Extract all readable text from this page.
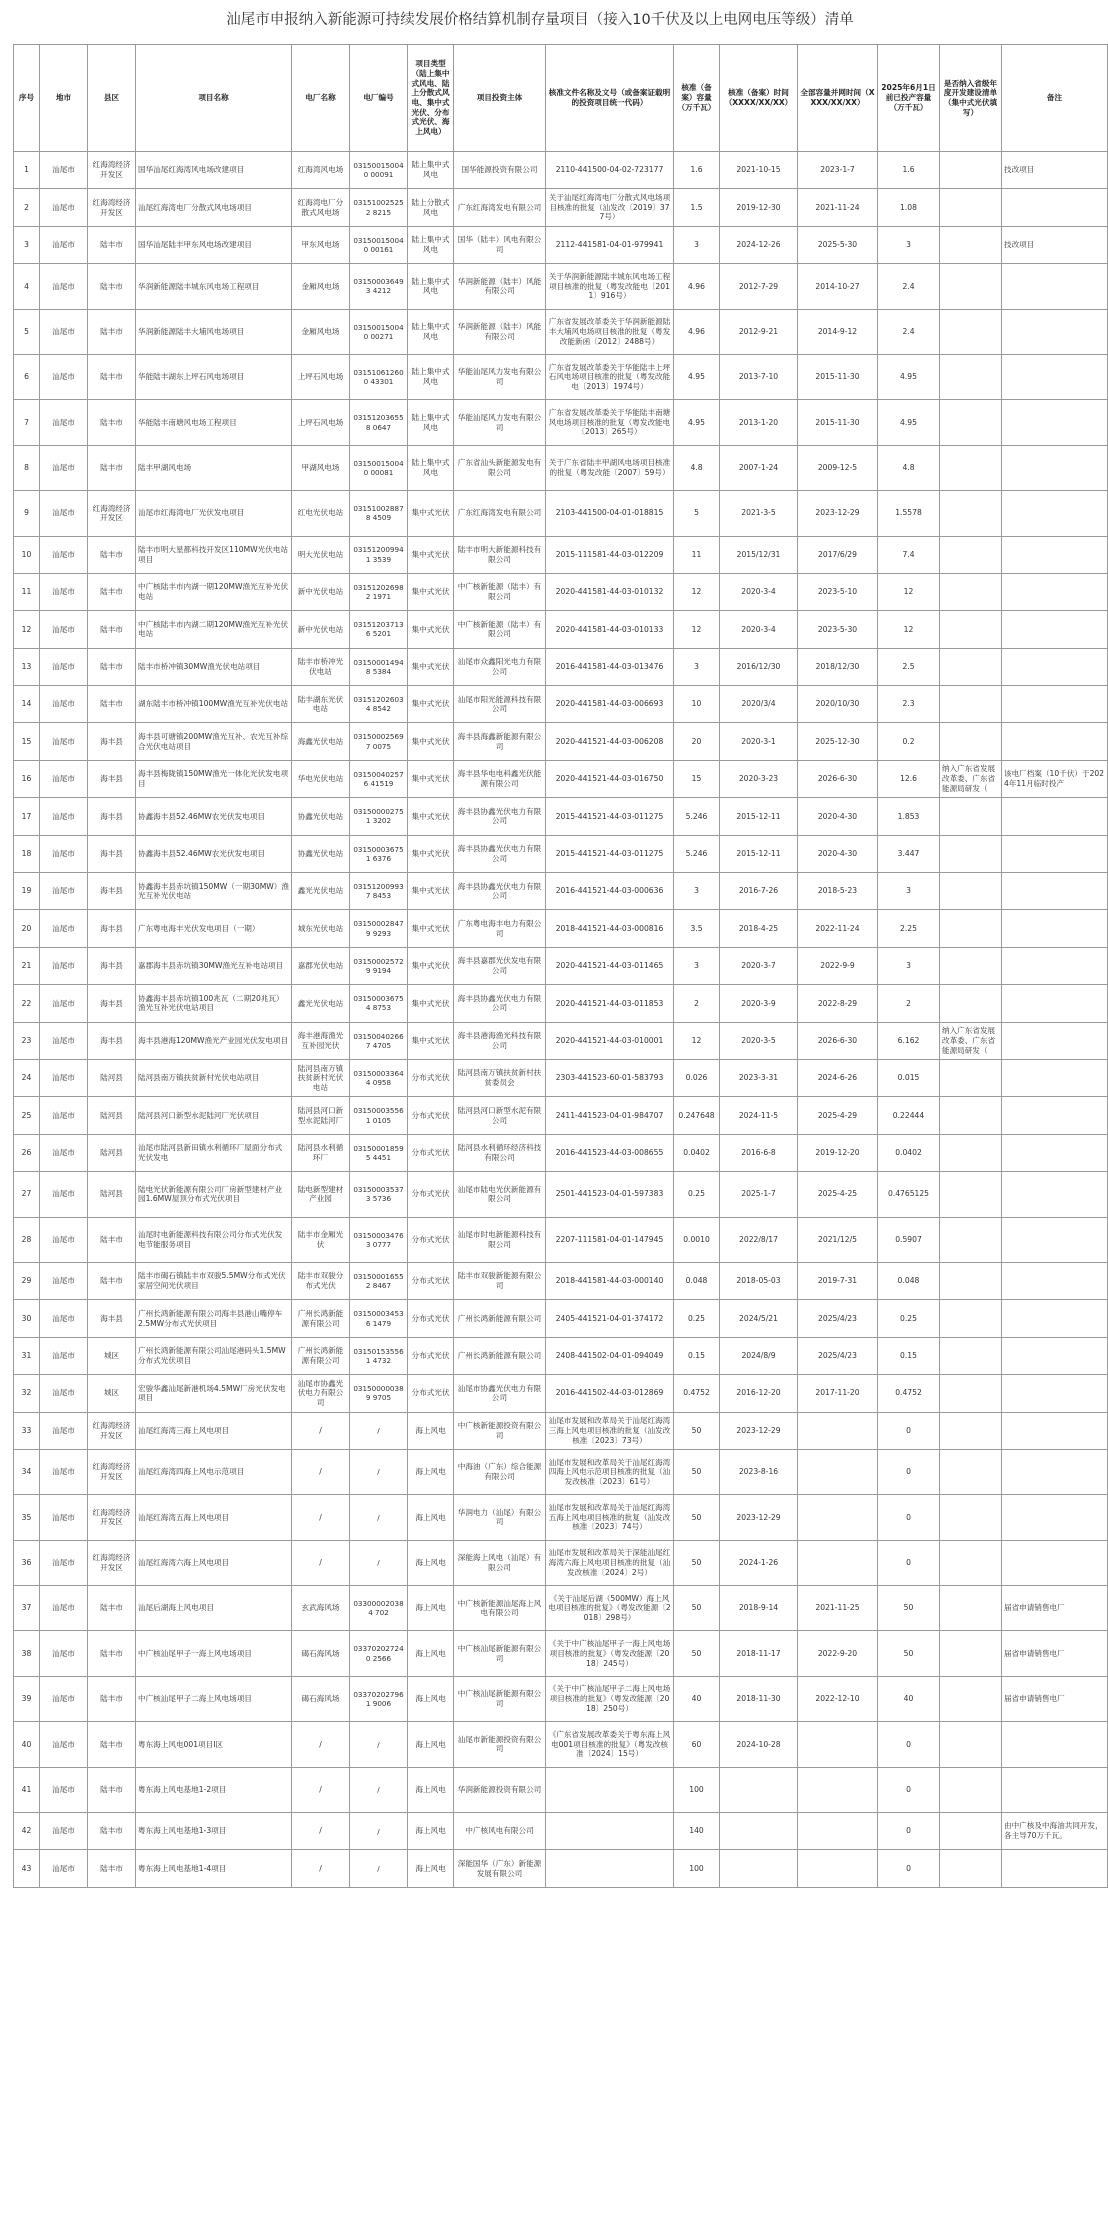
汕尾市申报纳入新能源可持续发展价格结算机制存量项目（接入10千伏及以上电网电压等级）清单
序号	地市	县区	项目名称	电厂名称	电厂编号	项目类型（陆上集中式风电、陆上分散式风电、集中式光伏、分布式光伏、海上风电）	项目投资主体	核准文件名称及文号（或备案证载明的投资项目统一代码）	核准（备案）容量（万千瓦）	核准（备案）时间（XXXX/XX/XX）	全部容量并网时间（XXXX/XX/XX）	2025年6月1日前已投产容量（万千瓦）	是否纳入省级年度开发建设清单（集中式光伏填写）	备注
1	汕尾市	红海湾经济开发区	国华汕尾红海湾风电场改建项目	红海湾风电场	031500150040 00091	陆上集中式风电	国华能源投资有限公司	2110-441500-04-02-723177	1.6	2021-10-15	2023-1-7	1.6		技改项目
2	汕尾市	红海湾经济开发区	汕尾红海湾电厂分散式风电场项目	红海湾电厂分散式风电场	031510025252 8215	陆上分散式风电	广东红海湾发电有限公司	关于汕尾红海湾电厂分散式风电场项目核准的批复（汕发改〔2019〕377号）	1.5	2019-12-30	2021-11-24	1.08		
3	汕尾市	陆丰市	国华汕尾陆丰甲东风电场改建项目	甲东风电场	031500150040 00161	陆上集中式风电	国华（陆丰）风电有限公司	2112-441581-04-01-979941	3	2024-12-26	2025-5-30	3		技改项目
4	汕尾市	陆丰市	华润新能源陆丰城东风电场工程项目	金厢风电场	031500036493 4212	陆上集中式风电	华润新能源（陆丰）风能有限公司	关于华润新能源陆丰城东风电场工程项目核准的批复（粤发改能电〔2011〕916号）	4.96	2012-7-29	2014-10-27	2.4		
5	汕尾市	陆丰市	华润新能源陆丰大埔风电场项目	金厢风电场	031500150040 00271	陆上集中式风电	华润新能源（陆丰）风能有限公司	广东省发展改革委关于华润新能源陆丰大埔风电场项目核准的批复（粤发改能新函〔2012〕2488号）	4.96	2012-9-21	2014-9-12	2.4		
6	汕尾市	陆丰市	华能陆丰湖东上坪石风电场项目	上坪石风电场	031510612600 43301	陆上集中式风电	华能汕尾风力发电有限公司	广东省发展改革委关于华能陆丰上坪石风电场项目核准的批复（粤发改能电〔2013〕1974号）	4.95	2013-7-10	2015-11-30	4.95		
7	汕尾市	陆丰市	华能陆丰南塘风电场工程项目	上坪石风电场	031512036558 0647	陆上集中式风电	华能汕尾风力发电有限公司	广东省发展改革委关于华能陆丰南塘风电场项目核准的批复（粤发改能电〔2013〕265号）	4.95	2013-1-20	2015-11-30	4.95		
8	汕尾市	陆丰市	陆丰甲湖风电场	甲湖风电场	031500150040 00081	陆上集中式风电	广东省汕头新能源发电有限公司	关于广东省陆丰甲湖风电场项目核准的批复（粤发改能〔2007〕59号）	4.8	2007-1-24	2009-12-5	4.8		
9	汕尾市	红海湾经济开发区	汕尾市红海湾电厂光伏发电项目	红电光伏电站	031510028878 4509	集中式光伏	广东红海湾发电有限公司	2103-441500-04-01-018815	5	2021-3-5	2023-12-29	1.5578		
10	汕尾市	陆丰市	陆丰市明大星都科技开发区110MW光伏电站项目	明大光伏电站	031512009941 3539	集中式光伏	陆丰市明大新能源科技有限公司	2015-111581-44-03-012209	11	2015/12/31	2017/6/29	7.4		
11	汕尾市	陆丰市	中广核陆丰市内湖一期120MW渔光互补光伏电站	新中光伏电站	031512026982 1971	集中式光伏	中广核新能源（陆丰）有限公司	2020-441581-44-03-010132	12	2020-3-4	2023-5-10	12		
12	汕尾市	陆丰市	中广核陆丰市内湖二期120MW渔光互补光伏电站	新中光伏电站	031512037136 5201	集中式光伏	中广核新能源（陆丰）有限公司	2020-441581-44-03-010133	12	2020-3-4	2023-5-30	12		
13	汕尾市	陆丰市	陆丰市桥冲镇30MW渔光伏电站项目	陆丰市桥冲光伏电站	031500014948 5384	集中式光伏	汕尾市众鑫阳光电力有限公司	2016-441581-44-03-013476	3	2016/12/30	2018/12/30	2.5		
14	汕尾市	陆丰市	湖东陆丰市桥冲镇100MW渔光互补光伏电站	陆丰湖东光伏电站	031512026034 8542	集中式光伏	汕尾市阳光能源科技有限公司	2020-441581-44-03-006693	10	2020/3/4	2020/10/30	2.3		
15	汕尾市	海丰县	海丰县可塘镇200MW渔光互补、农光互补综合光伏电站项目	海鑫光伏电站	031500025697 0075	集中式光伏	海丰县海鑫新能源有限公司	2020-441521-44-03-006208	20	2020-3-1	2025-12-30	0.2		
16	汕尾市	海丰县	海丰县梅陇镇150MW渔光一体化光伏发电项目	华电光伏电站	031500402576 41519	集中式光伏	海丰县华电电科鑫光伏能源有限公司	2020-441521-44-03-016750	15	2020-3-23	2026-6-30	12.6	纳入广东省发展改革委、广东省能源局研发（	该电厂档案（10千伏）于2024年11月临时投产
17	汕尾市	海丰县	协鑫海丰县52.46MW农光伏发电项目	协鑫光伏电站	031500002751 3202	集中式光伏	海丰县协鑫光伏电力有限公司	2015-441521-44-03-011275	5.246	2015-12-11	2020-4-30	1.853		
18	汕尾市	海丰县	协鑫海丰县52.46MW农光伏发电项目	协鑫光伏电站	031500036751 6376	集中式光伏	海丰县协鑫光伏电力有限公司	2015-441521-44-03-011275	5.246	2015-12-11	2020-4-30	3.447		
19	汕尾市	海丰县	协鑫海丰县赤坑镇150MW（一期30MW）渔光互补光伏电站	鑫光光伏电站	031512009937 8453	集中式光伏	海丰县协鑫光伏电力有限公司	2016-441521-44-03-000636	3	2016-7-26	2018-5-23	3		
20	汕尾市	海丰县	广东粤电海丰光伏发电项目（一期）	城东光伏电站	031500028479 9293	集中式光伏	广东粤电海丰电力有限公司	2018-441521-44-03-000816	3.5	2018-4-25	2022-11-24	2.25		
21	汕尾市	海丰县	嘉郡海丰县赤坑镇30MW渔光互补电站项目	嘉郡光伏电站	031500025729 9194	集中式光伏	海丰县嘉郡光伏发电有限公司	2020-441521-44-03-011465	3	2020-3-7	2022-9-9	3		
22	汕尾市	海丰县	协鑫海丰县赤坑镇100兆瓦（二期20兆瓦）渔光互补光伏电站项目	鑫光光伏电站	031500036754 8753	集中式光伏	海丰县协鑫光伏电力有限公司	2020-441521-44-03-011853	2	2020-3-9	2022-8-29	2		
23	汕尾市	海丰县	海丰县港海120MW渔光产业园光伏发电项目	海丰港海渔光互补园光伏	031500402667 4705	集中式光伏	海丰县港海渔光科技有限公司	2020-441521-44-03-010001	12	2020-3-5	2026-6-30	6.162	纳入广东省发展改革委、广东省能源局研发（	
24	汕尾市	陆河县	陆河县南万镇扶贫新村光伏电站项目	陆河县南万镇扶贫新村光伏电站	031500033644 0958	分布式光伏	陆河县南万镇扶贫新村扶贫委员会	2303-441523-60-01-583793	0.026	2023-3-31	2024-6-26	0.015		
25	汕尾市	陆河县	陆河县河口新型水泥陆河厂光伏项目	陆河县河口新型水泥陆河厂	031500035561 0105	分布式光伏	陆河县河口新型水泥有限公司	2411-441523-04-01-984707	0.247648	2024-11-5	2025-4-29	0.22444		
26	汕尾市	陆河县	汕尾市陆河县新田镇水利循环厂屋面分布式光伏发电	陆河县水利循环厂	031500018595 4451	分布式光伏	陆河县水利循环经济科技有限公司	2016-441523-44-03-008655	0.0402	2016-6-8	2019-12-20	0.0402		
27	汕尾市	陆河县	陆电光伏新能源有限公司厂房新型建材产业园1.6MW屋顶分布式光伏项目	陆电新型建材产业园	031500035373 5736	分布式光伏	汕尾市陆电光伏新能源有限公司	2501-441523-04-01-597383	0.25	2025-1-7	2025-4-25	0.4765125		
28	汕尾市	陆丰市	汕尾时电新能源科技有限公司分布式光伏发电节能服务项目	陆丰市金厢光伏	031500034763 0777	分布式光伏	汕尾市时电新能源科技有限公司	2207-111581-04-01-147945	0.0010	2022/8/17	2021/12/5	0.5907		
29	汕尾市	陆丰市	陆丰市碣石镇陆丰市双骏5.5MW分布式光伏家居空间光伏项目	陆丰市双骏分布式光伏	031500016552 8467	分布式光伏	陆丰市双骏新能源有限公司	2018-441581-44-03-000140	0.048	2018-05-03	2019-7-31	0.048		
30	汕尾市	海丰县	广州长鸿新能源有限公司海丰县港山嘴停车2.5MW分布式光伏项目	广州长鸿新能源有限公司	031500034536 1479	分布式光伏	广州长鸿新能源有限公司	2405-441521-04-01-374172	0.25	2024/5/21	2025/4/23	0.25		
31	汕尾市	城区	广州长鸿新能源有限公司汕尾港码头1.5MW分布式光伏项目	广州长鸿新能源有限公司	031501535561 4732	分布式光伏	广州长鸿新能源有限公司	2408-441502-04-01-094049	0.15	2024/8/9	2025/4/23	0.15		
32	汕尾市	城区	宏骏华鑫汕尾新港机场4.5MW厂房光伏发电项目	汕尾市协鑫光伏电力有限公司	031500000389 9705	分布式光伏	汕尾市协鑫光伏电力有限公司	2016-441502-44-03-012869	0.4752	2016-12-20	2017-11-20	0.4752		
33	汕尾市	红海湾经济开发区	汕尾红海湾三海上风电项目	/	/	海上风电	中广核新能源投资有限公司	汕尾市发展和改革局关于汕尾红海湾三海上风电项目核准的批复（汕发改核准〔2023〕73号）	50	2023-12-29		0		
34	汕尾市	红海湾经济开发区	汕尾红海湾四海上风电示范项目	/	/	海上风电	中海油（广东）综合能源有限公司	汕尾市发展和改革局关于汕尾红海湾四海上风电示范项目核准的批复（汕发改核准〔2023〕61号）	50	2023-8-16		0		
35	汕尾市	红海湾经济开发区	汕尾红海湾五海上风电项目	/	/	海上风电	华润电力（汕尾）有限公司	汕尾市发展和改革局关于汕尾红海湾五海上风电项目核准的批复（汕发改核准〔2023〕74号）	50	2023-12-29		0		
36	汕尾市	红海湾经济开发区	汕尾红海湾六海上风电项目	/	/	海上风电	深能海上风电（汕尾）有限公司	汕尾市发展和改革局关于深能汕尾红海湾六海上风电项目核准的批复（汕发改核准〔2024〕2号）	50	2024-1-26		0		
37	汕尾市	陆丰市	汕尾后湖海上风电项目	玄武海风场	033000020384 702	海上风电	中广核新能源汕尾海上风电有限公司	《关于汕尾后湖（500MW）海上风电项目核准的批复》（粤发改能源〔2018〕298号）	50	2018-9-14	2021-11-25	50		届省申请销售电厂
38	汕尾市	陆丰市	中广核汕尾甲子一海上风电场项目	碣石海风场	033702027240 2566	海上风电	中广核汕尾新能源有限公司	《关于中广核汕尾甲子一海上风电场项目核准的批复》（粤发改能源〔2018〕245号）	50	2018-11-17	2022-9-20	50		届省申请销售电厂
39	汕尾市	陆丰市	中广核汕尾甲子二海上风电场项目	碣石海风场	033702027961 9006	海上风电	中广核汕尾新能源有限公司	《关于中广核汕尾甲子二海上风电场项目核准的批复》（粤发改能源〔2018〕250号）	40	2018-11-30	2022-12-10	40		届省申请销售电厂
40	汕尾市	陆丰市	粤东海上风电001项目I区	/	/	海上风电	汕尾市新能源投资有限公司	《广东省发展改革委关于粤东海上风电001项目核准的批复》（粤发改核准〔2024〕15号）	60	2024-10-28		0		
41	汕尾市	陆丰市	粤东海上风电基地1-2项目	/	/	海上风电	华润新能源投资有限公司		100			0		
42	汕尾市	陆丰市	粤东海上风电基地1-3项目	/	/	海上风电	中广核风电有限公司		140			0		由中广核及中海油共同开发，各主导70万千瓦。
43	汕尾市	陆丰市	粤东海上风电基地1-4项目	/	/	海上风电	深能国华（广东）新能源发展有限公司		100			0		
